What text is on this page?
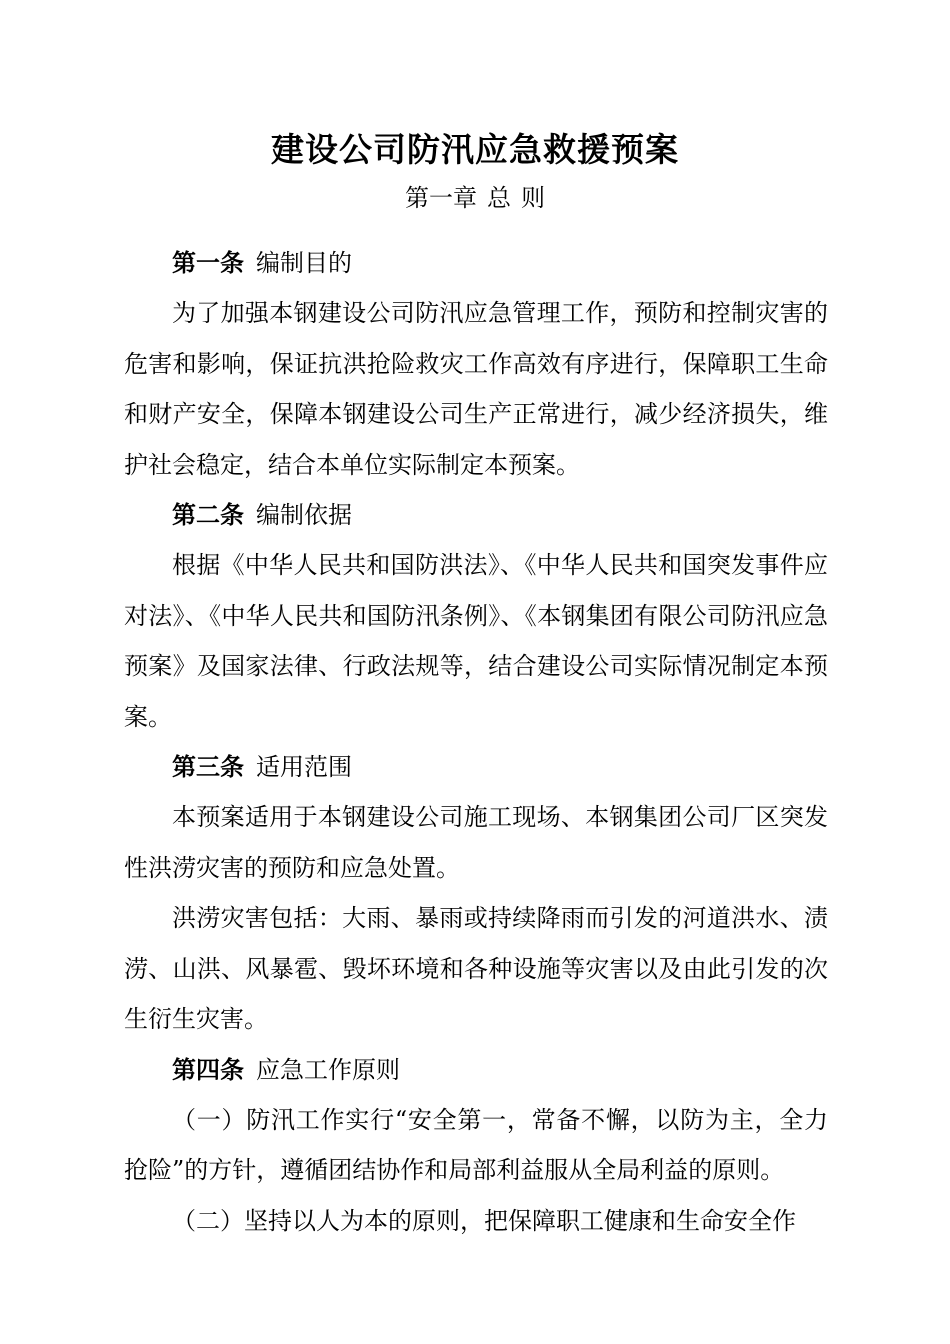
建设公司防汛应急救援预案
第一章 总 则

第一条 编制目的

为了加强本钢建设公司防汛应急管理工作，预防和控制灾害的危害和影响，保证抗洪抢险救灾工作高效有序进行，保障职工生命和财产安全，保障本钢建设公司生产正常进行，减少经济损失，维护社会稳定，结合本单位实际制定本预案。

第二条 编制依据

根据《中华人民共和国防洪法》、《中华人民共和国突发事件应对法》、《中华人民共和国防汛条例》、《本钢集团有限公司防汛应急预案》及国家法律、行政法规等，结合建设公司实际情况制定本预案。

第三条 适用范围

本预案适用于本钢建设公司施工现场、本钢集团公司厂区突发性洪涝灾害的预防和应急处置。

洪涝灾害包括：大雨、暴雨或持续降雨而引发的河道洪水、渍涝、山洪、风暴雹、毁坏环境和各种设施等灾害以及由此引发的次生衍生灾害。

第四条 应急工作原则

（一）防汛工作实行“安全第一，常备不懈，以防为主，全力抢险”的方针，遵循团结协作和局部利益服从全局利益的原则。

（二）坚持以人为本的原则，把保障职工健康和生命安全作
